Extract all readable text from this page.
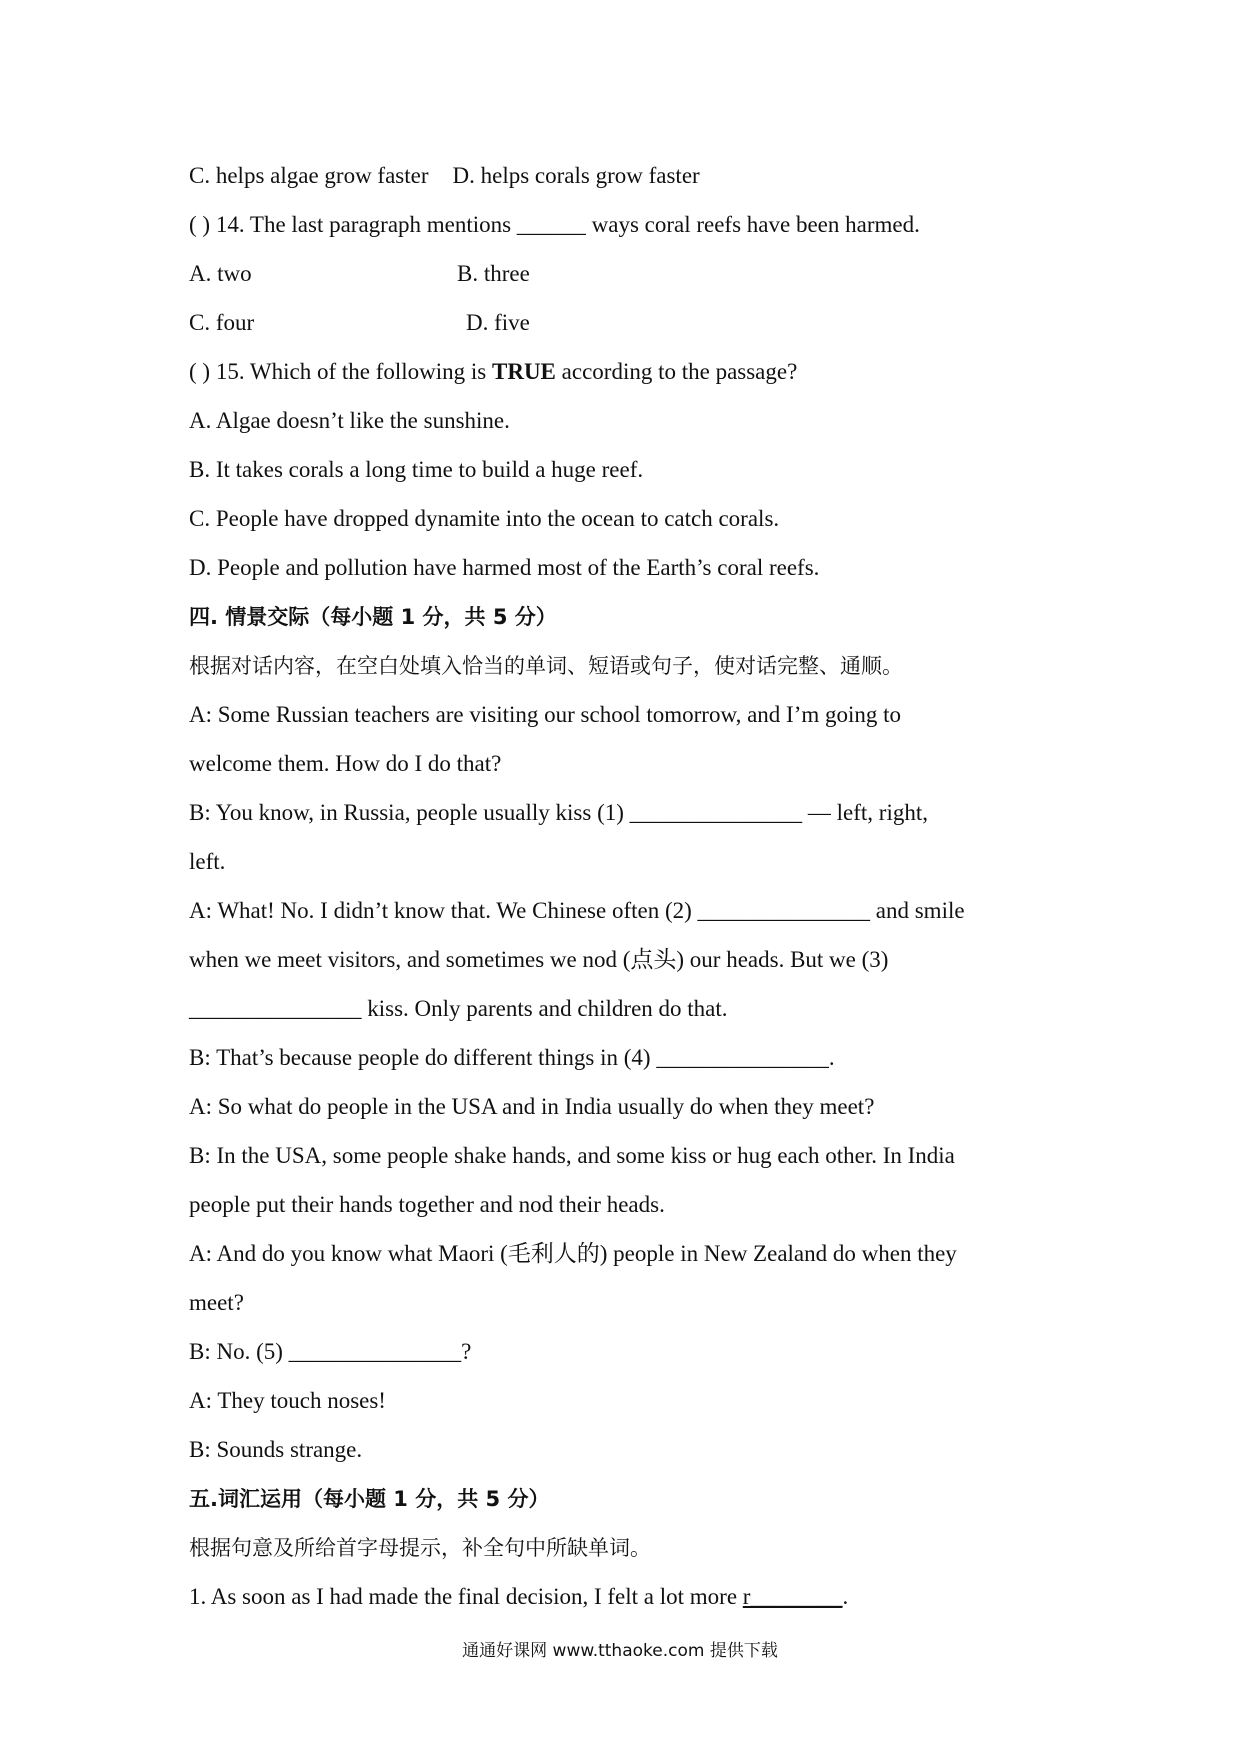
C. helps algae grow faster D. helps corals grow faster
( ) 14. The last paragraph mentions ______ ways coral reefs have been harmed.
A. two	B. three
C. four	D. five
( ) 15. Which of the following is TRUE according to the passage?
A. Algae doesn’t like the sunshine.
B. It takes corals a long time to build a huge reef.
C. People have dropped dynamite into the ocean to catch corals.
D. People and pollution have harmed most of the Earth’s coral reefs.
四. 情景交际（每小题 1 分，共 5 分）
根据对话内容，在空白处填入恰当的单词、短语或句子，使对话完整、通顺。
A: Some Russian teachers are visiting our school tomorrow, and I’m going to
welcome them. How do I do that?
B: You know, in Russia, people usually kiss (1) _______________ — left, right,
left.
A: What! No. I didn’t know that. We Chinese often (2) _______________ and smile
when we meet visitors, and sometimes we nod (点头) our heads. But we (3)
_______________ kiss. Only parents and children do that.
B: That’s because people do different things in (4) _______________.
A: So what do people in the USA and in India usually do when they meet?
B: In the USA, some people shake hands, and some kiss or hug each other. In India
people put their hands together and nod their heads.
A: And do you know what Maori (毛利人的) people in New Zealand do when they
meet?
B: No. (5) _______________?
A: They touch noses!
B: Sounds strange.
五.词汇运用（每小题 1 分，共 5 分）
根据句意及所给首字母提示，补全句中所缺单词。
1. As soon as I had made the final decision, I felt a lot more r________.
通通好课网 www.tthaoke.com 提供下载
